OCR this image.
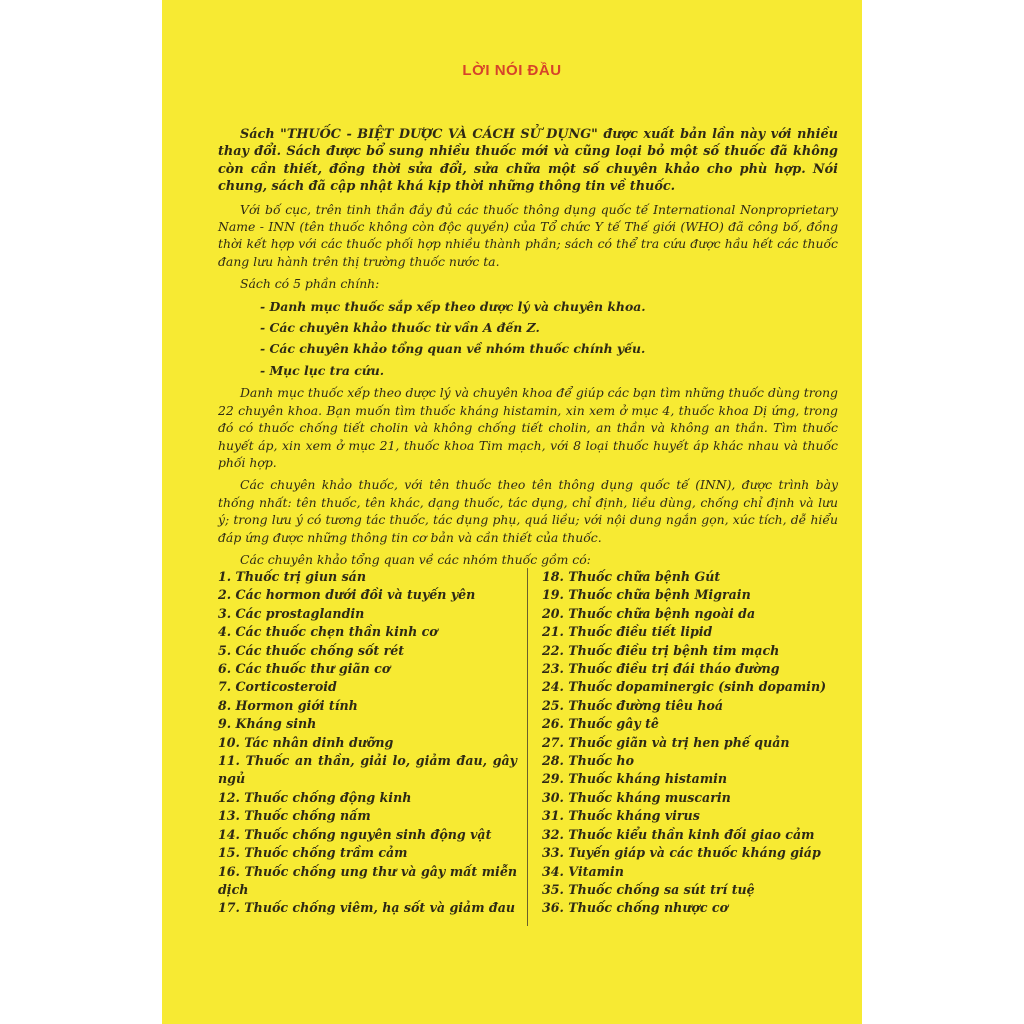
LỜI NÓI ĐẦU

Sách "THUỐC - BIỆT DƯỢC VÀ CÁCH SỬ DỤNG" được xuất bản lần này với nhiều thay đổi. Sách được bổ sung nhiều thuốc mới và cũng loại bỏ một số thuốc đã không còn cần thiết, đồng thời sửa đổi, sửa chữa một số chuyên khảo cho phù hợp. Nói chung, sách đã cập nhật khá kịp thời những thông tin về thuốc.

Với bố cục, trên tinh thần đầy đủ các thuốc thông dụng quốc tế International Nonproprietary Name - INN (tên thuốc không còn độc quyền) của Tổ chức Y tế Thế giới (WHO) đã công bố, đồng thời kết hợp với các thuốc phối hợp nhiều thành phần; sách có thể tra cứu được hầu hết các thuốc đang lưu hành trên thị trường thuốc nước ta.

Sách có 5 phần chính:

- Danh mục thuốc sắp xếp theo dược lý và chuyên khoa.
- Các chuyên khảo thuốc từ vần A đến Z.
- Các chuyên khảo tổng quan về nhóm thuốc chính yếu.
- Mục lục tra cứu.

Danh mục thuốc xếp theo dược lý và chuyên khoa để giúp các bạn tìm những thuốc dùng trong 22 chuyên khoa. Bạn muốn tìm thuốc kháng histamin, xin xem ở mục 4, thuốc khoa Dị ứng, trong đó có thuốc chống tiết cholin và không chống tiết cholin, an thần và không an thần. Tìm thuốc huyết áp, xin xem ở mục 21, thuốc khoa Tim mạch, với 8 loại thuốc huyết áp khác nhau và thuốc phối hợp.

Các chuyên khảo thuốc, với tên thuốc theo tên thông dụng quốc tế (INN), được trình bày thống nhất: tên thuốc, tên khác, dạng thuốc, tác dụng, chỉ định, liều dùng, chống chỉ định và lưu ý; trong lưu ý có tương tác thuốc, tác dụng phụ, quá liều; với nội dung ngắn gọn, xúc tích, dễ hiểu đáp ứng được những thông tin cơ bản và cần thiết của thuốc.

Các chuyên khảo tổng quan về các nhóm thuốc gồm có:

1. Thuốc trị giun sán

2. Các hormon dưới đồi và tuyến yên

3. Các prostaglandin

4. Các thuốc chẹn thần kinh cơ

5. Các thuốc chống sốt rét

6. Các thuốc thư giãn cơ

7. Corticosteroid

8. Hormon giới tính

9. Kháng sinh

10. Tác nhân dinh dưỡng

11. Thuốc an thần, giải lo, giảm đau, gây ngủ

12. Thuốc chống động kinh

13. Thuốc chống nấm

14. Thuốc chống nguyên sinh động vật

15. Thuốc chống trầm cảm

16. Thuốc chống ung thư và gây mất miễn dịch

17. Thuốc chống viêm, hạ sốt và giảm đau

18. Thuốc chữa bệnh Gút

19. Thuốc chữa bệnh Migrain

20. Thuốc chữa bệnh ngoài da

21. Thuốc điều tiết lipid

22. Thuốc điều trị bệnh tim mạch

23. Thuốc điều trị đái tháo đường

24. Thuốc dopaminergic (sinh dopamin)

25. Thuốc đường tiêu hoá

26. Thuốc gây tê

27. Thuốc giãn và trị hen phế quản

28. Thuốc ho

29. Thuốc kháng histamin

30. Thuốc kháng muscarin

31. Thuốc kháng virus

32. Thuốc kiểu thần kinh đối giao cảm

33. Tuyến giáp và các thuốc kháng giáp

34. Vitamin

35. Thuốc chống sa sút trí tuệ

36. Thuốc chống nhược cơ
